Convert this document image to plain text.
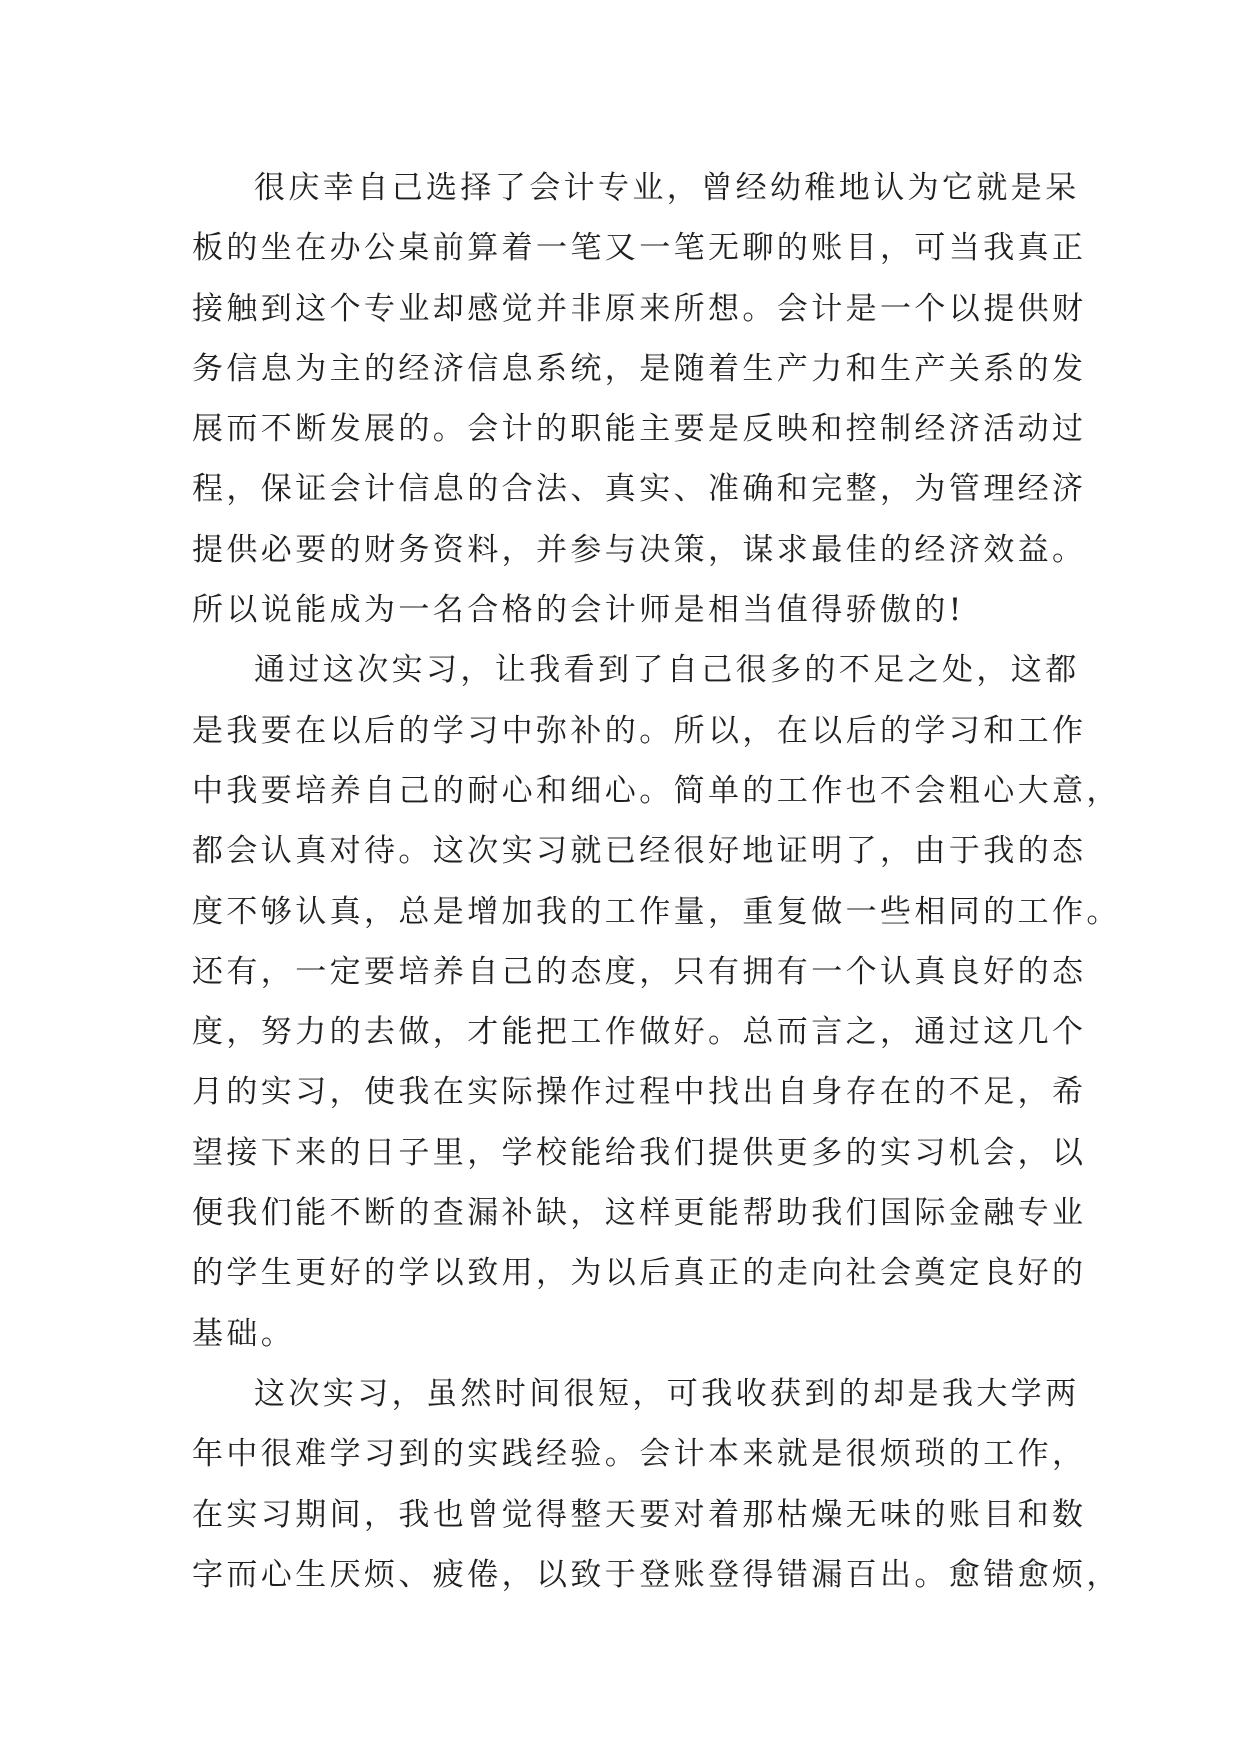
很庆幸自己选择了会计专业，曾经幼稚地认为它就是呆
板的坐在办公桌前算着一笔又一笔无聊的账目，可当我真正
接触到这个专业却感觉并非原来所想。会计是一个以提供财
务信息为主的经济信息系统，是随着生产力和生产关系的发
展而不断发展的。会计的职能主要是反映和控制经济活动过
程，保证会计信息的合法、真实、准确和完整，为管理经济
提供必要的财务资料，并参与决策，谋求最佳的经济效益。
所以说能成为一名合格的会计师是相当值得骄傲的!
通过这次实习，让我看到了自己很多的不足之处，这都
是我要在以后的学习中弥补的。所以，在以后的学习和工作
中我要培养自己的耐心和细心。简单的工作也不会粗心大意，
都会认真对待。这次实习就已经很好地证明了，由于我的态
度不够认真，总是增加我的工作量，重复做一些相同的工作。
还有，一定要培养自己的态度，只有拥有一个认真良好的态
度，努力的去做，才能把工作做好。总而言之，通过这几个
月的实习，使我在实际操作过程中找出自身存在的不足，希
望接下来的日子里，学校能给我们提供更多的实习机会，以
便我们能不断的查漏补缺，这样更能帮助我们国际金融专业
的学生更好的学以致用，为以后真正的走向社会奠定良好的
基础。
这次实习，虽然时间很短，可我收获到的却是我大学两
年中很难学习到的实践经验。会计本来就是很烦琐的工作，
在实习期间，我也曾觉得整天要对着那枯燥无味的账目和数
字而心生厌烦、疲倦，以致于登账登得错漏百出。愈错愈烦，
